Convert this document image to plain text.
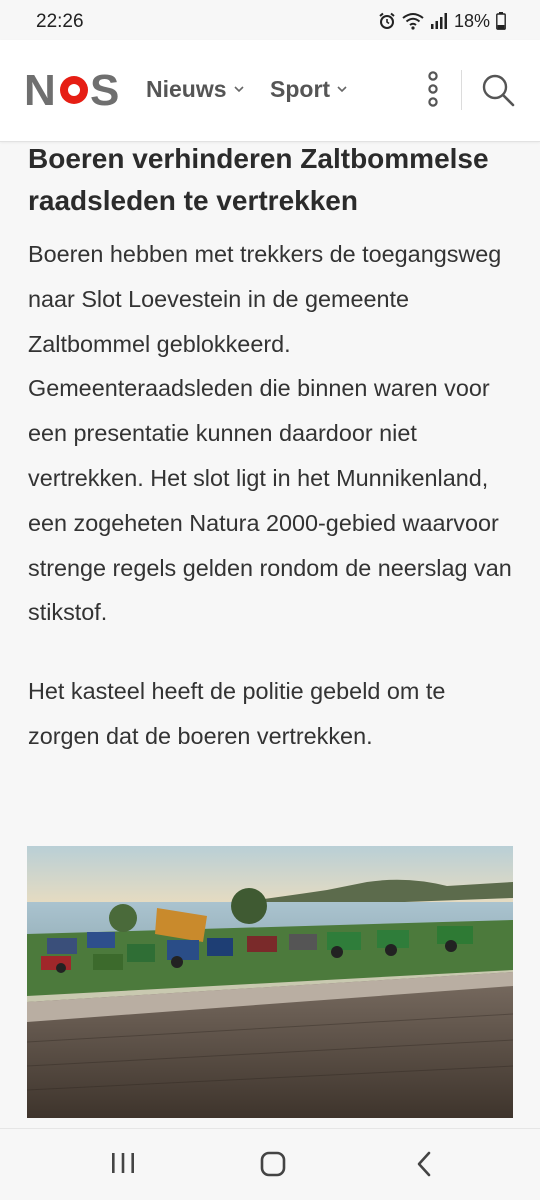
22:26	18%
N S Nieuws Sport
Boeren verhinderen Zaltbommelse raadsleden te vertrekken

Boeren hebben met trekkers de toegangsweg naar Slot Loevestein in de gemeente Zaltbommel geblokkeerd. Gemeenteraadsleden die binnen waren voor een presentatie kunnen daardoor niet vertrekken. Het slot ligt in het Munnikenland, een zogeheten Natura 2000-gebied waarvoor strenge regels gelden rondom de neerslag van stikstof.

Het kasteel heeft de politie gebeld om te zorgen dat de boeren vertrekken.
